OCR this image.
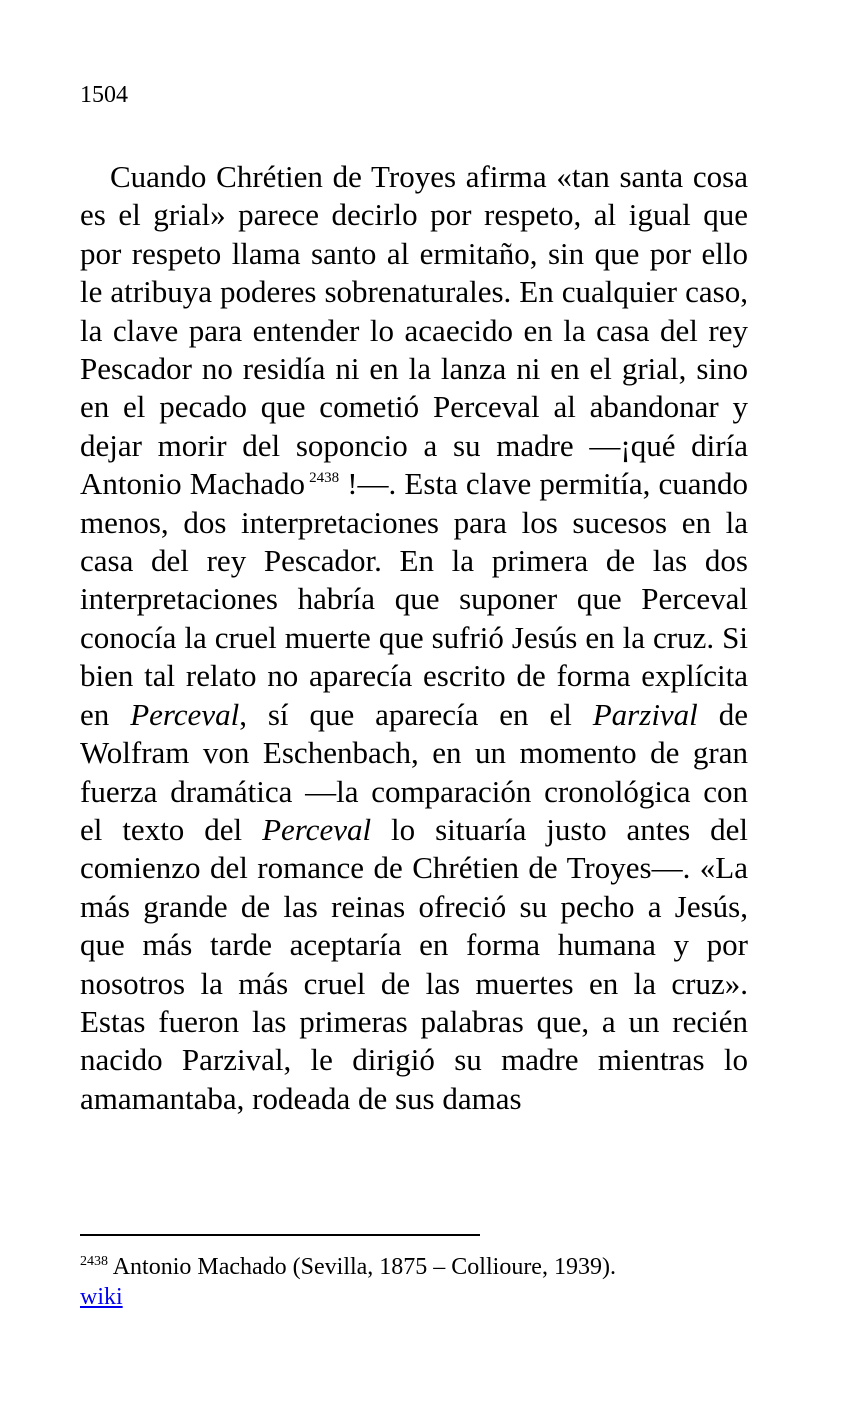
1504

Cuando Chrétien de Troyes afirma «tan santa cosa es el grial» parece decirlo por respeto, al igual que por respeto llama santo al ermitaño, sin que por ello le atribuya poderes sobrenaturales. En cualquier caso, la clave para entender lo acaecido en la casa del rey Pescador no residía ni en la lanza ni en el grial, sino en el pecado que cometió Perceval al abandonar y dejar morir del soponcio a su madre —¡qué diría Antonio Machado $^{2438}$ !—. Esta clave permitía, cuando menos, dos interpretaciones para los sucesos en la casa del rey Pescador. En la primera de las dos interpretaciones habría que suponer que Perceval conocía la cruel muerte que sufrió Jesús en la cruz. Si bien tal relato no aparecía escrito de forma explícita en Perceval, sí que aparecía en el Parzival de Wolfram von Eschenbach, en un momento de gran fuerza dramática —la comparación cronológica con el texto del Perceval lo situaría justo antes del comienzo del romance de Chrétien de Troyes—. «La más grande de las reinas ofreció su pecho a Jesús, que más tarde aceptaría en forma humana y por nosotros la más cruel de las muertes en la cruz». Estas fueron las primeras palabras que, a un recién nacido Parzival, le dirigió su madre mientras lo amamantaba, rodeada de sus damas

$^{2438}$ Antonio Machado (Sevilla, 1875 – Collioure, 1939).
wiki
